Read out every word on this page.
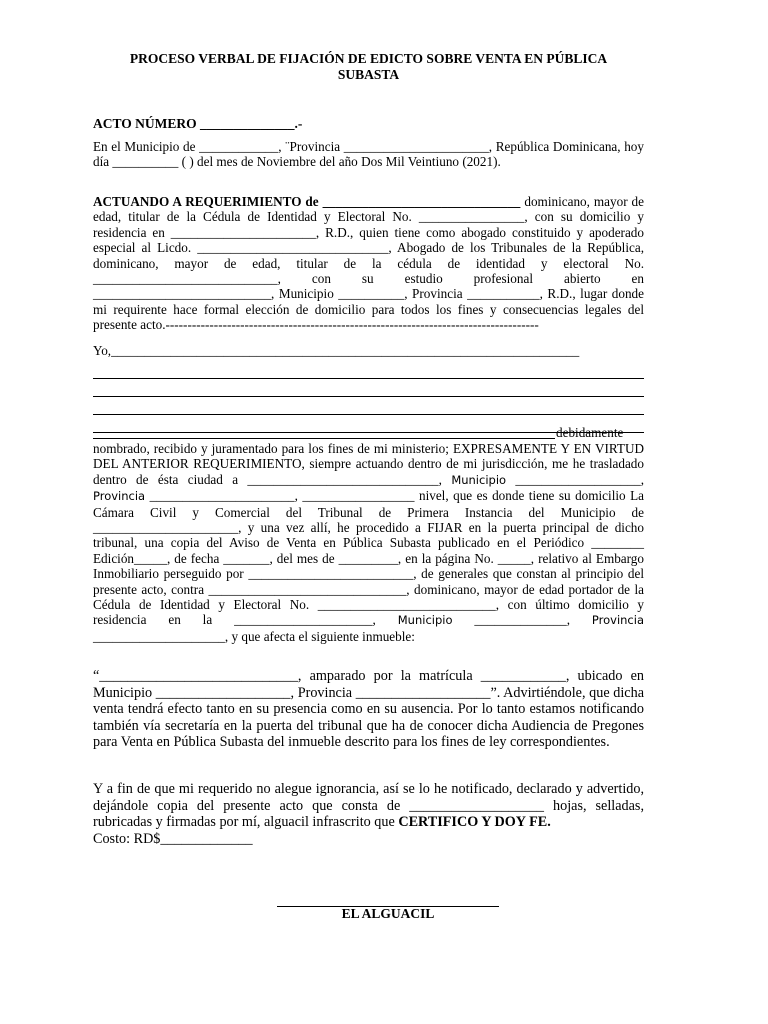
PROCESO VERBAL DE FIJACIÓN DE EDICTO SOBRE VENTA EN PÚBLICA
SUBASTA
ACTO NÚMERO ______________.-
En el Municipio de ____________, ¨Provincia ______________________, República Dominicana, hoy día __________ ( ) del mes de Noviembre del año Dos Mil Veintiuno (2021).
ACTUANDO A REQUERIMIENTO de ______________________________ dominicano, mayor de edad, titular de la Cédula de Identidad y Electoral No. ________________, con su domicilio y residencia en ______________________, R.D., quien tiene como abogado constituido y apoderado especial al Licdo. _____________________________, Abogado de los Tribunales de la República, dominicano, mayor de edad, titular de la cédula de identidad y electoral No. ____________________________, con su estudio profesional abierto en ___________________________, Municipio __________, Provincia ___________, R.D., lugar donde mi requirente hace formal elección de domicilio para todos los fines y consecuencias legales del presente acto.-------------------------------------------------------------------------------------
Yo,_______________________________________________________________________
debidamente
nombrado, recibido y juramentado para los fines de mi ministerio; EXPRESAMENTE Y EN VIRTUD DEL ANTERIOR REQUERIMIENTO, siempre actuando dentro de mi jurisdicción, me he trasladado dentro de ésta ciudad a _____________________________, Municipio ___________________, Provincia ______________________, _________________ nivel, que es donde tiene su domicilio La Cámara Civil y Comercial del Tribunal de Primera Instancia del Municipio de ______________________, y una vez allí, he procedido a FIJAR en la puerta principal de dicho tribunal, una copia del Aviso de Venta en Pública Subasta publicado en el Periódico ________ Edición_____, de fecha _______, del mes de _________, en la página No. _____, relativo al Embargo Inmobiliario perseguido por _________________________, de generales que constan al principio del presente acto, contra ______________________________, dominicano, mayor de edad portador de la Cédula de Identidad y Electoral No. ___________________________, con último domicilio y residencia en la _____________________, Municipio ______________, Provincia ____________________, y que afecta el siguiente inmueble:
“____________________________, amparado por la matrícula ____________, ubicado en Municipio ___________________, Provincia ___________________”. Advirtiéndole, que dicha venta tendrá efecto tanto en su presencia como en su ausencia. Por lo tanto estamos notificando también vía secretaría en la puerta del tribunal que ha de conocer dicha Audiencia de Pregones para Venta en Pública Subasta del inmueble descrito para los fines de ley correspondientes.
Y a fin de que mi requerido no alegue ignorancia, así se lo he notificado, declarado y advertido, dejándole copia del presente acto que consta de ___________________ hojas, selladas, rubricadas y firmadas por mí, alguacil infrascrito que CERTIFICO Y DOY FE.
Costo: RD$_____________
EL ALGUACIL
